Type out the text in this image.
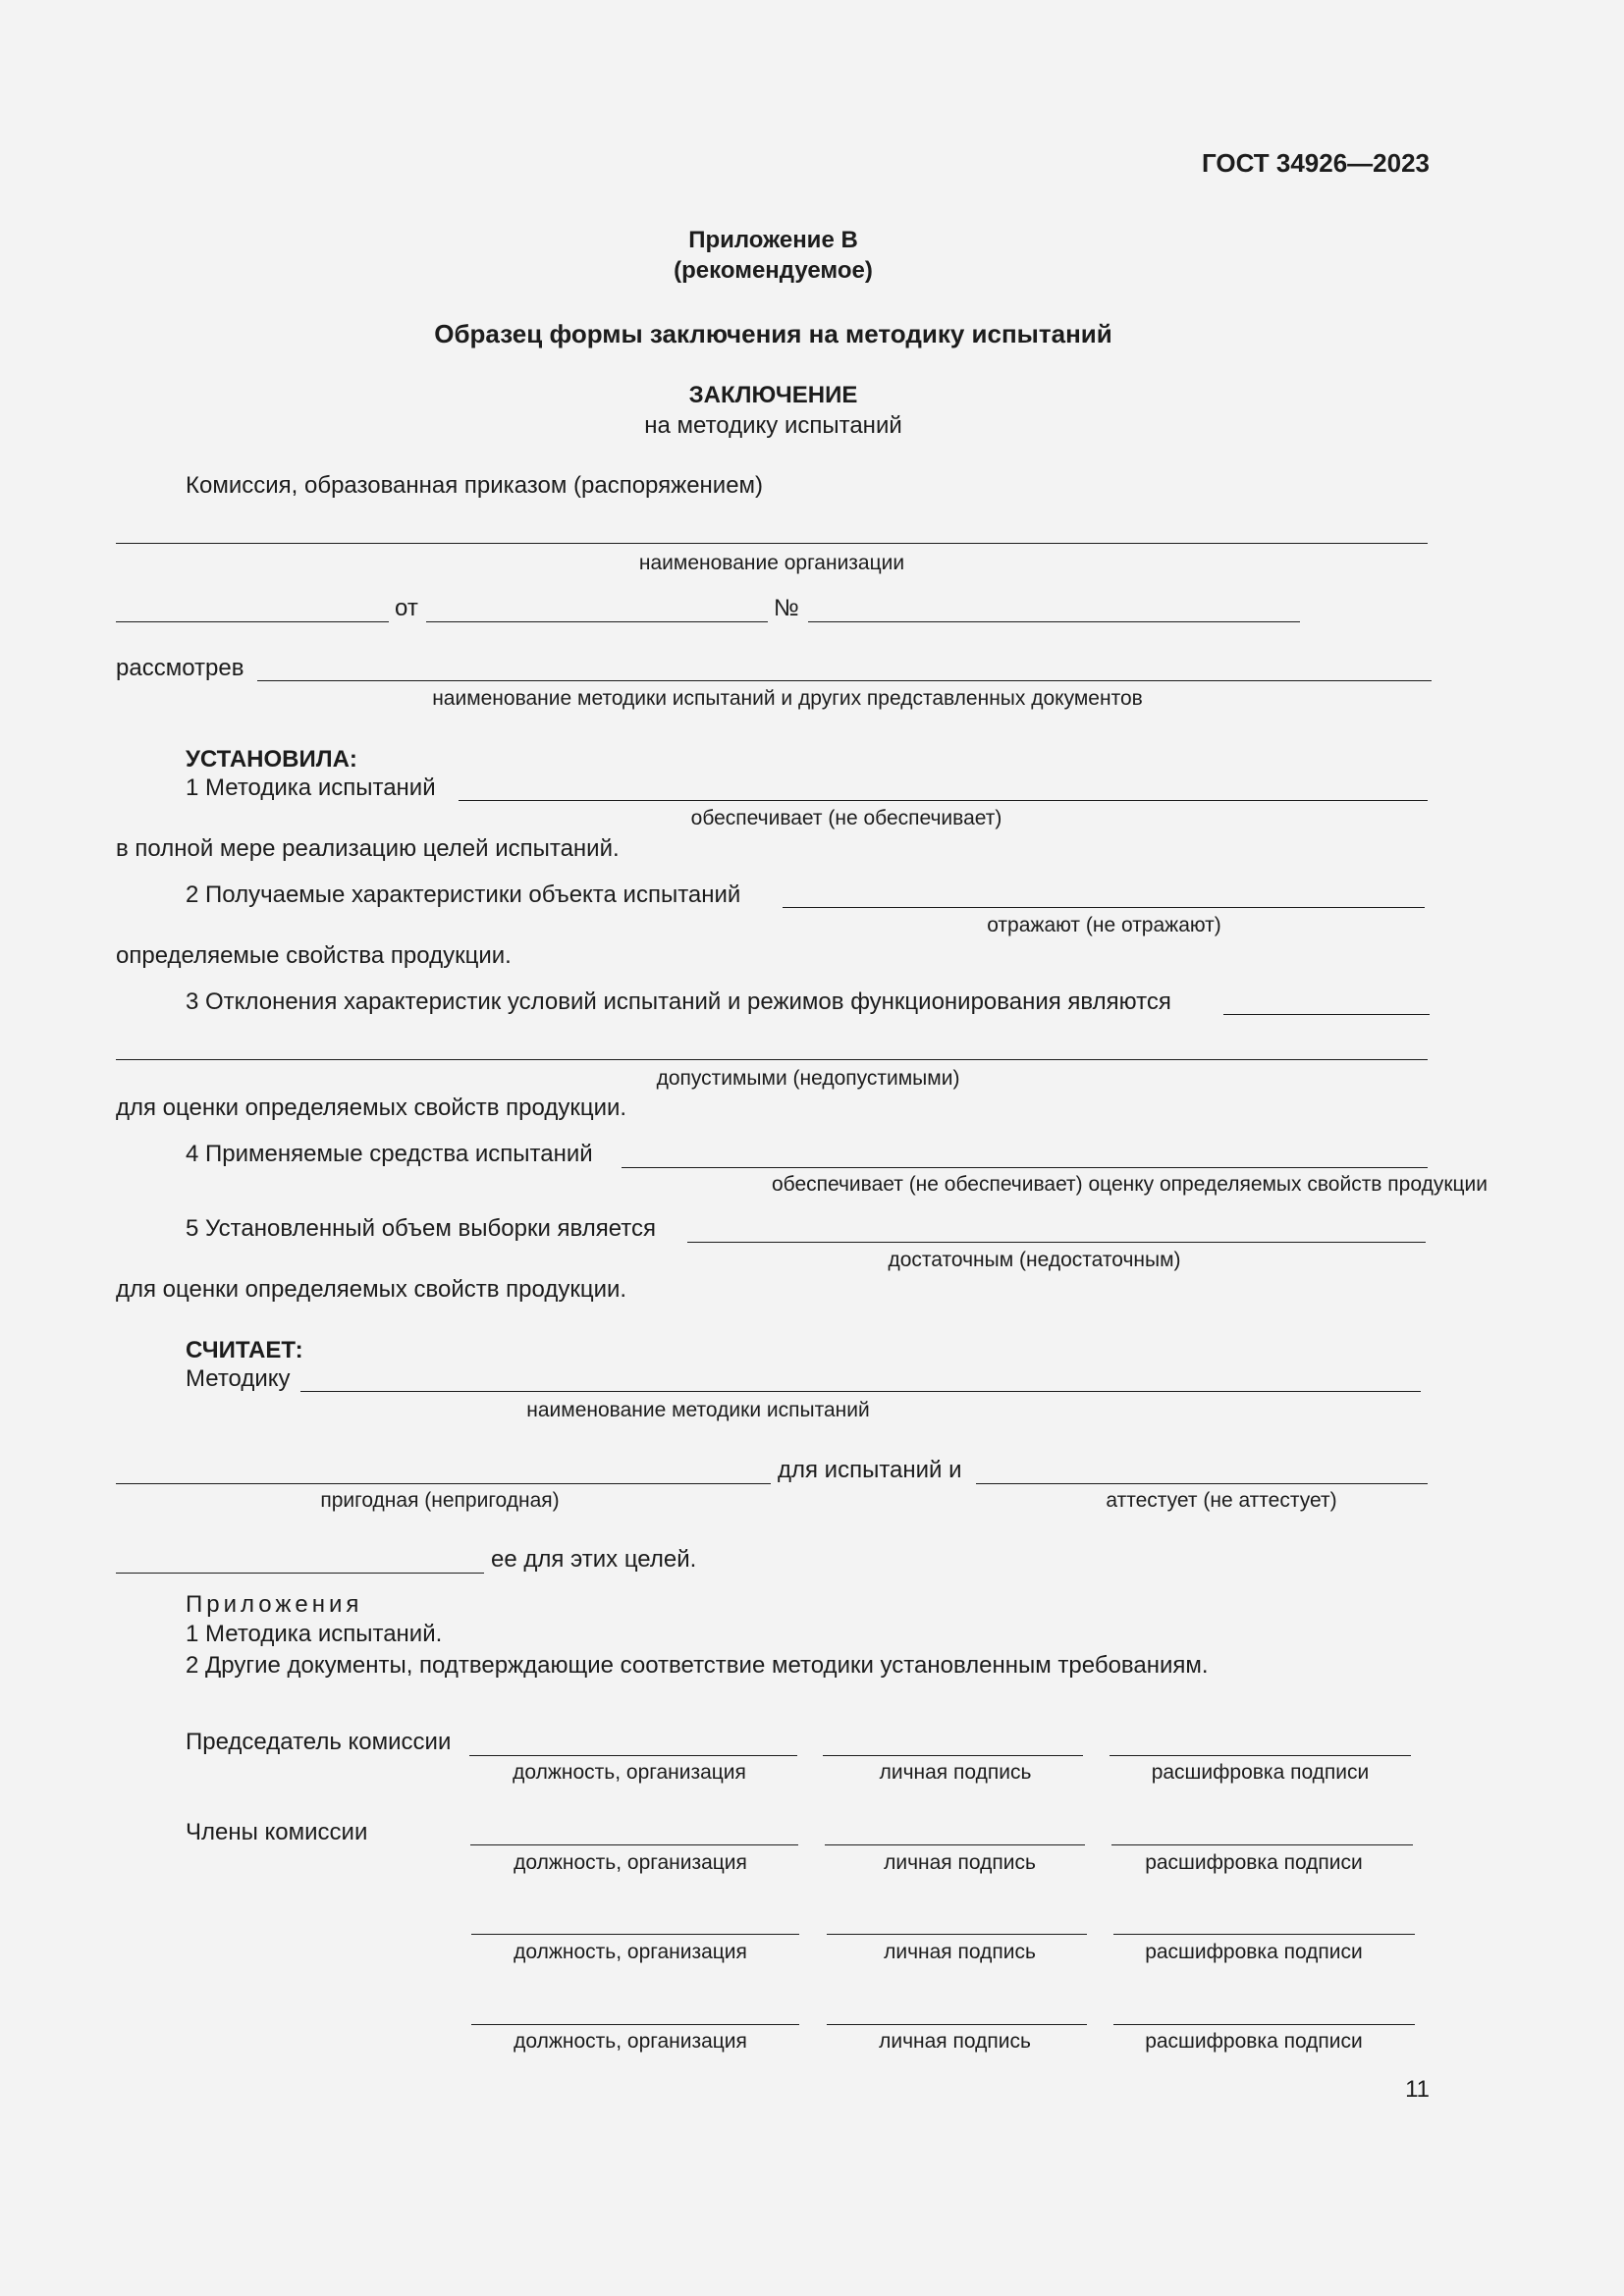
ГОСТ 34926—2023
Приложение В
(рекомендуемое)
Образец формы заключения на методику испытаний
ЗАКЛЮЧЕНИЕ
на методику испытаний
Комиссия, образованная приказом (распоряжением)
наименование организации
от	№
рассмотрев
наименование методики испытаний и других представленных документов
УСТАНОВИЛА:
1 Методика испытаний
обеспечивает (не обеспечивает)
в полной мере реализацию целей испытаний.
2 Получаемые характеристики объекта испытаний
отражают (не отражают)
определяемые свойства продукции.
3 Отклонения характеристик условий испытаний и режимов функционирования являются
допустимыми (недопустимыми)
для оценки определяемых свойств продукции.
4 Применяемые средства испытаний
обеспечивает (не обеспечивает) оценку определяемых свойств продукции
5 Установленный объем выборки является
достаточным (недостаточным)
для оценки определяемых свойств продукции.
СЧИТАЕТ:
Методику
наименование методики испытаний
для испытаний и
пригодная (непригодная)	аттестует (не аттестует)
ее для этих целей.
Приложения
1 Методика испытаний.
2 Другие документы, подтверждающие соответствие методики установленным требованиям.
Председатель комиссии
должность, организация	личная подпись	расшифровка подписи
Члены комиссии
должность, организация	личная подпись	расшифровка подписи
должность, организация	личная подпись	расшифровка подписи
должность, организация	личная подпись	расшифровка подписи
11
